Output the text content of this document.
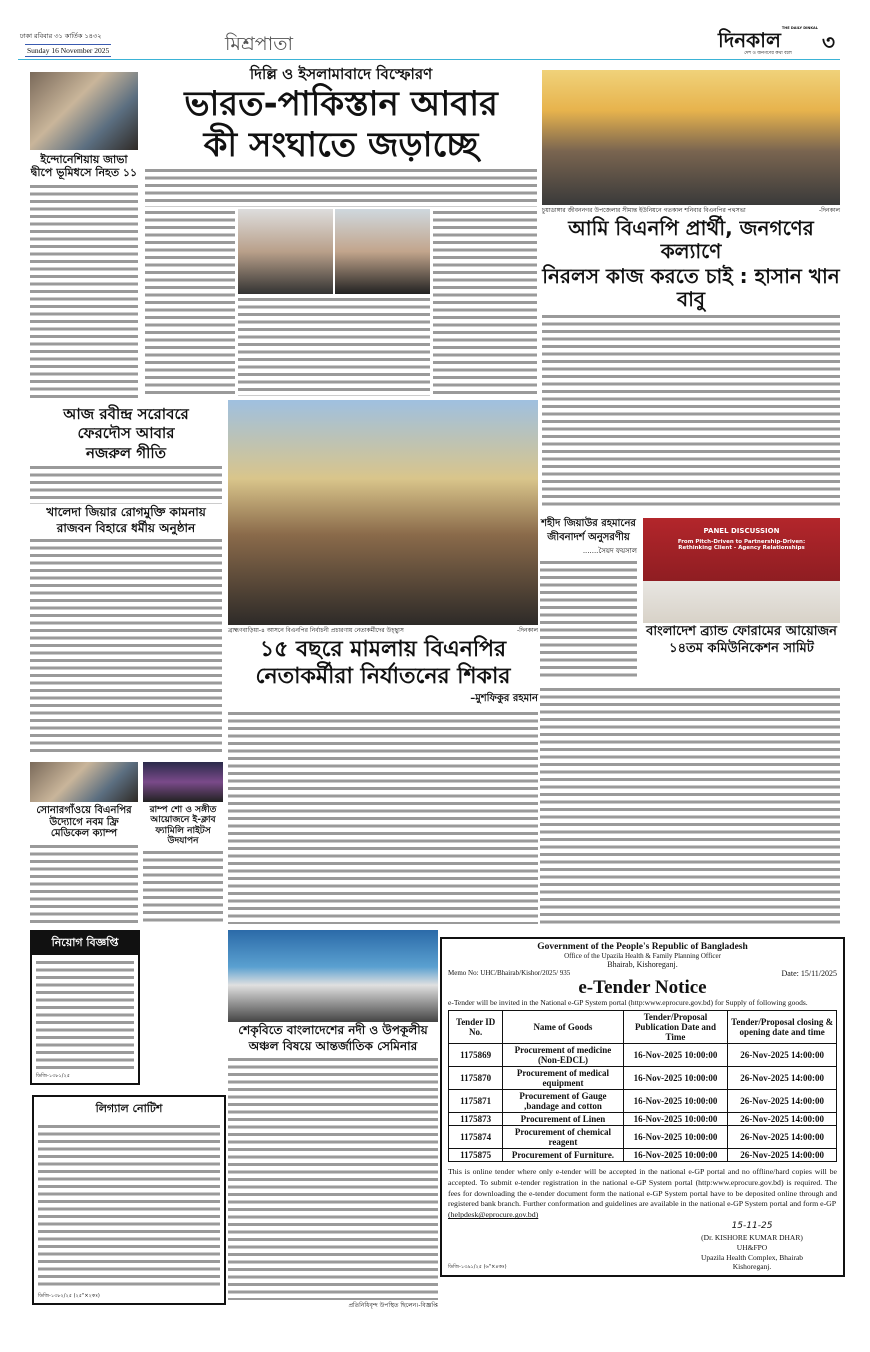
ঢাকা রবিবার ৩১ কার্তিক ১৪৩২
Sunday 16 November 2025	মিশ্রপাতা
THE DAILY DINKAL
দিনকাল
দেশ ও জনগণের কথা বলে	৩
ইন্দোনেশিয়ায় জাভা দ্বীপে ভূমিধসে নিহত ১১
দিল্লি ও ইসলামাবাদে বিস্ফোরণ
ভারত-পাকিস্তান আবার
কী সংঘাতে জড়াচ্ছে
চুয়াডাঙ্গার জীবননগর উপজেলার সীমান্ত ইউনিয়নে গতকাল শনিবার বিএনপির পথসভা	-দিনকাল
আমি বিএনপি প্রার্থী, জনগণের কল্যাণে
নিরলস কাজ করতে চাই : হাসান খান বাবু
আজ রবীন্দ্র সরোবরে
ফেরদৌস আবার
নজরুল গীতি
খালেদা জিয়ার রোগমুক্তি কামনায়
রাজবন বিহারে ধর্মীয় অনুষ্ঠান
ব্রাহ্মণবাড়িয়া-৪ আসনে বিএনপির নির্বাচনী প্রচারণায় নেতাকর্মীদের উচ্ছ্বাস	-দিনকাল
১৫ বছরে মামলায় বিএনপির
নেতাকর্মীরা নির্যাতনের শিকার
–মুশফিকুর রহমান
শহীদ জিয়াউর রহমানের
জীবনাদর্শ অনুসরণীয়
.......সৈয়দ ফয়সাল
PANEL DISCUSSION
From Pitch-Driven to Partnership-Driven:
Rethinking Client - Agency Relationships
বাংলাদেশ ব্র্যান্ড ফোরামের আয়োজন
১৪তম কমিউনিকেশন সামিট
সোনারগাঁওয়ে বিএনপির উদ্যোগে নবম ফ্রি মেডিকেল ক্যাম্প
রাম্প শো ও সঙ্গীত আয়োজনে ই-ক্লাব ফ্যামিলি নাইটস উদযাপন
নিয়োগ বিজ্ঞপ্তি
ডিজি-১৩৮১/২৫
শেকৃবিতে বাংলাদেশের নদী ও উপকূলীয়
অঞ্চল বিষয়ে আন্তর্জাতিক সেমিনার
প্রতিনিধিবৃন্দ উপস্থিত ছিলেন।-বিজ্ঞপ্তি
লিগ্যাল নোটিশ
ডিজি-১৩৮২/২৫ (২৫"×২কঃ)
Government of the People's Republic of Bangladesh
Office of the Upazila Health & Family Planning Officer
Bhairab, Kishoreganj.
Memo No: UHC/Bhairab/Kishor/2025/ 935	Date: 15/11/2025
e-Tender Notice
e-Tender will be invited in the National e-GP System portal (http:www.eprocure.gov.bd) for Supply of following goods.
Tender ID No.	Name of Goods	Tender/Proposal Publication Date and Time	Tender/Proposal closing & opening date and time
1175869	Procurement of medicine (Non-EDCL)	16-Nov-2025 10:00:00	26-Nov-2025 14:00:00
1175870	Procurement of medical equipment	16-Nov-2025 10:00:00	26-Nov-2025 14:00:00
1175871	Procurement of Gauge ,bandage and cotton	16-Nov-2025 10:00:00	26-Nov-2025 14:00:00
1175873	Procurement of Linen	16-Nov-2025 10:00:00	26-Nov-2025 14:00:00
1175874	Procurement of chemical reagent	16-Nov-2025 10:00:00	26-Nov-2025 14:00:00
1175875	Procurement of Furniture.	16-Nov-2025 10:00:00	26-Nov-2025 14:00:00
This is online tender where only e-tender will be accepted in the national e-GP portal and no offline/hard copies will be accepted. To submit e-tender registration in the national e-GP System portal (http:www.eprocure.gov.bd) is required. The fees for downloading the e-tender document form the national e-GP System portal have to be deposited online through and registered bank branch. Further conformation and guidelines are available in the national e-GP System portal and form e-GP
(helpdesk@eprocure.gov.bd)
ডিজি-১৩৯১/২৫ (৬"×৪কঃ)
15-11-25
(Dr. KISHORE KUMAR DHAR)
UH&FPO
Upazila Health Complex, Bhairab
Kishoreganj.
